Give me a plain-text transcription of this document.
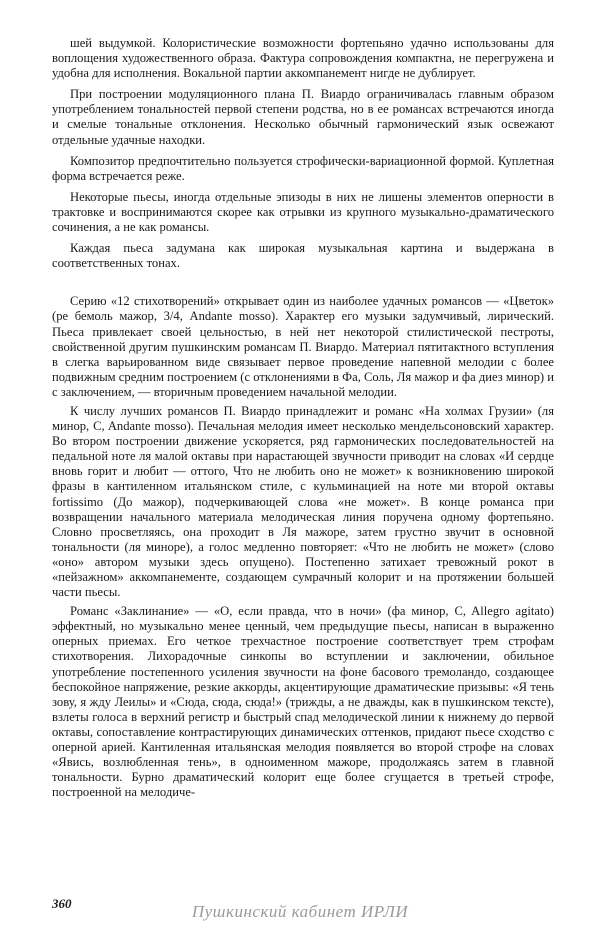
шей выдумкой. Колористические возможности фортепьяно удачно использованы для воплощения художественного образа. Фактура сопровождения компактна, не перегружена и удобна для исполнения. Вокальной партии аккомпанемент нигде не дублирует.

При построении модуляционного плана П. Виардо ограничивалась главным образом употреблением тональностей первой степени родства, но в ее романсах встречаются иногда и смелые тональные отклонения. Несколько обычный гармонический язык освежают отдельные удачные находки.

Композитор предпочтительно пользуется строфически-вариационной формой. Куплетная форма встречается реже.

Некоторые пьесы, иногда отдельные эпизоды в них не лишены элементов оперности в трактовке и воспринимаются скорее как отрывки из крупного музыкально-драматического сочинения, а не как романсы.

Каждая пьеса задумана как широкая музыкальная картина и выдержана в соответственных тонах.

Серию «12 стихотворений» открывает один из наиболее удачных романсов — «Цветок» (ре бемоль мажор, 3/4, Andante mosso). Характер его музыки задумчивый, лирический. Пьеса привлекает своей цельностью, в ней нет некоторой стилистической пестроты, свойственной другим пушкинским романсам П. Виардо. Материал пятитактного вступления в слегка варьированном виде связывает первое проведение напевной мелодии с более подвижным средним построением (с отклонениями в Фа, Соль, Ля мажор и фа диез минор) и с заключением, — вторичным проведением начальной мелодии.

К числу лучших романсов П. Виардо принадлежит и романс «На холмах Грузии» (ля минор, C, Andante mosso). Печальная мелодия имеет несколько мендельсоновский характер. Во втором построении движение ускоряется, ряд гармонических последовательностей на педальной ноте ля малой октавы при нарастающей звучности приводит на словах «И сердце вновь горит и любит — оттого, Что не любить оно не может» к возникновению широкой фразы в кантиленном итальянском стиле, с кульминацией на ноте ми второй октавы fortissimo (До мажор), подчеркивающей слова «не может». В конце романса при возвращении начального материала мелодическая линия поручена одному фортепьяно. Словно просветляясь, она проходит в Ля мажоре, затем грустно звучит в основной тональности (ля миноре), а голос медленно повторяет: «Что не любить не может» (слово «оно» автором музыки здесь опущено). Постепенно затихает тревожный рокот в «пейзажном» аккомпанементе, создающем сумрачный колорит и на протяжении большей части пьесы.

Романс «Заклинание» — «О, если правда, что в ночи» (фа минор, C, Allegro agitato) эффектный, но музыкально менее ценный, чем предыдущие пьесы, написан в выраженно оперных приемах. Его четкое трехчастное построение соответствует трем строфам стихотворения. Лихорадочные синкопы во вступлении и заключении, обильное употребление постепенного усиления звучности на фоне басового тремоландо, создающее беспокойное напряжение, резкие аккорды, акцентирующие драматические призывы: «Я тень зову, я жду Леилы» и «Сюда, сюда, сюда!» (трижды, а не дважды, как в пушкинском тексте), взлеты голоса в верхний регистр и быстрый спад мелодической линии к нижнему до первой октавы, сопоставление контрастирующих динамических оттенков, придают пьесе сходство с оперной арией. Кантиленная итальянская мелодия появляется во второй строфе на словах «Явись, возлюбленная тень», в одноименном мажоре, продолжаясь затем в главной тональности. Бурно драматический колорит еще более сгущается в третьей строфе, построенной на мелодиче-

360	Пушкинский кабинет ИРЛИ
